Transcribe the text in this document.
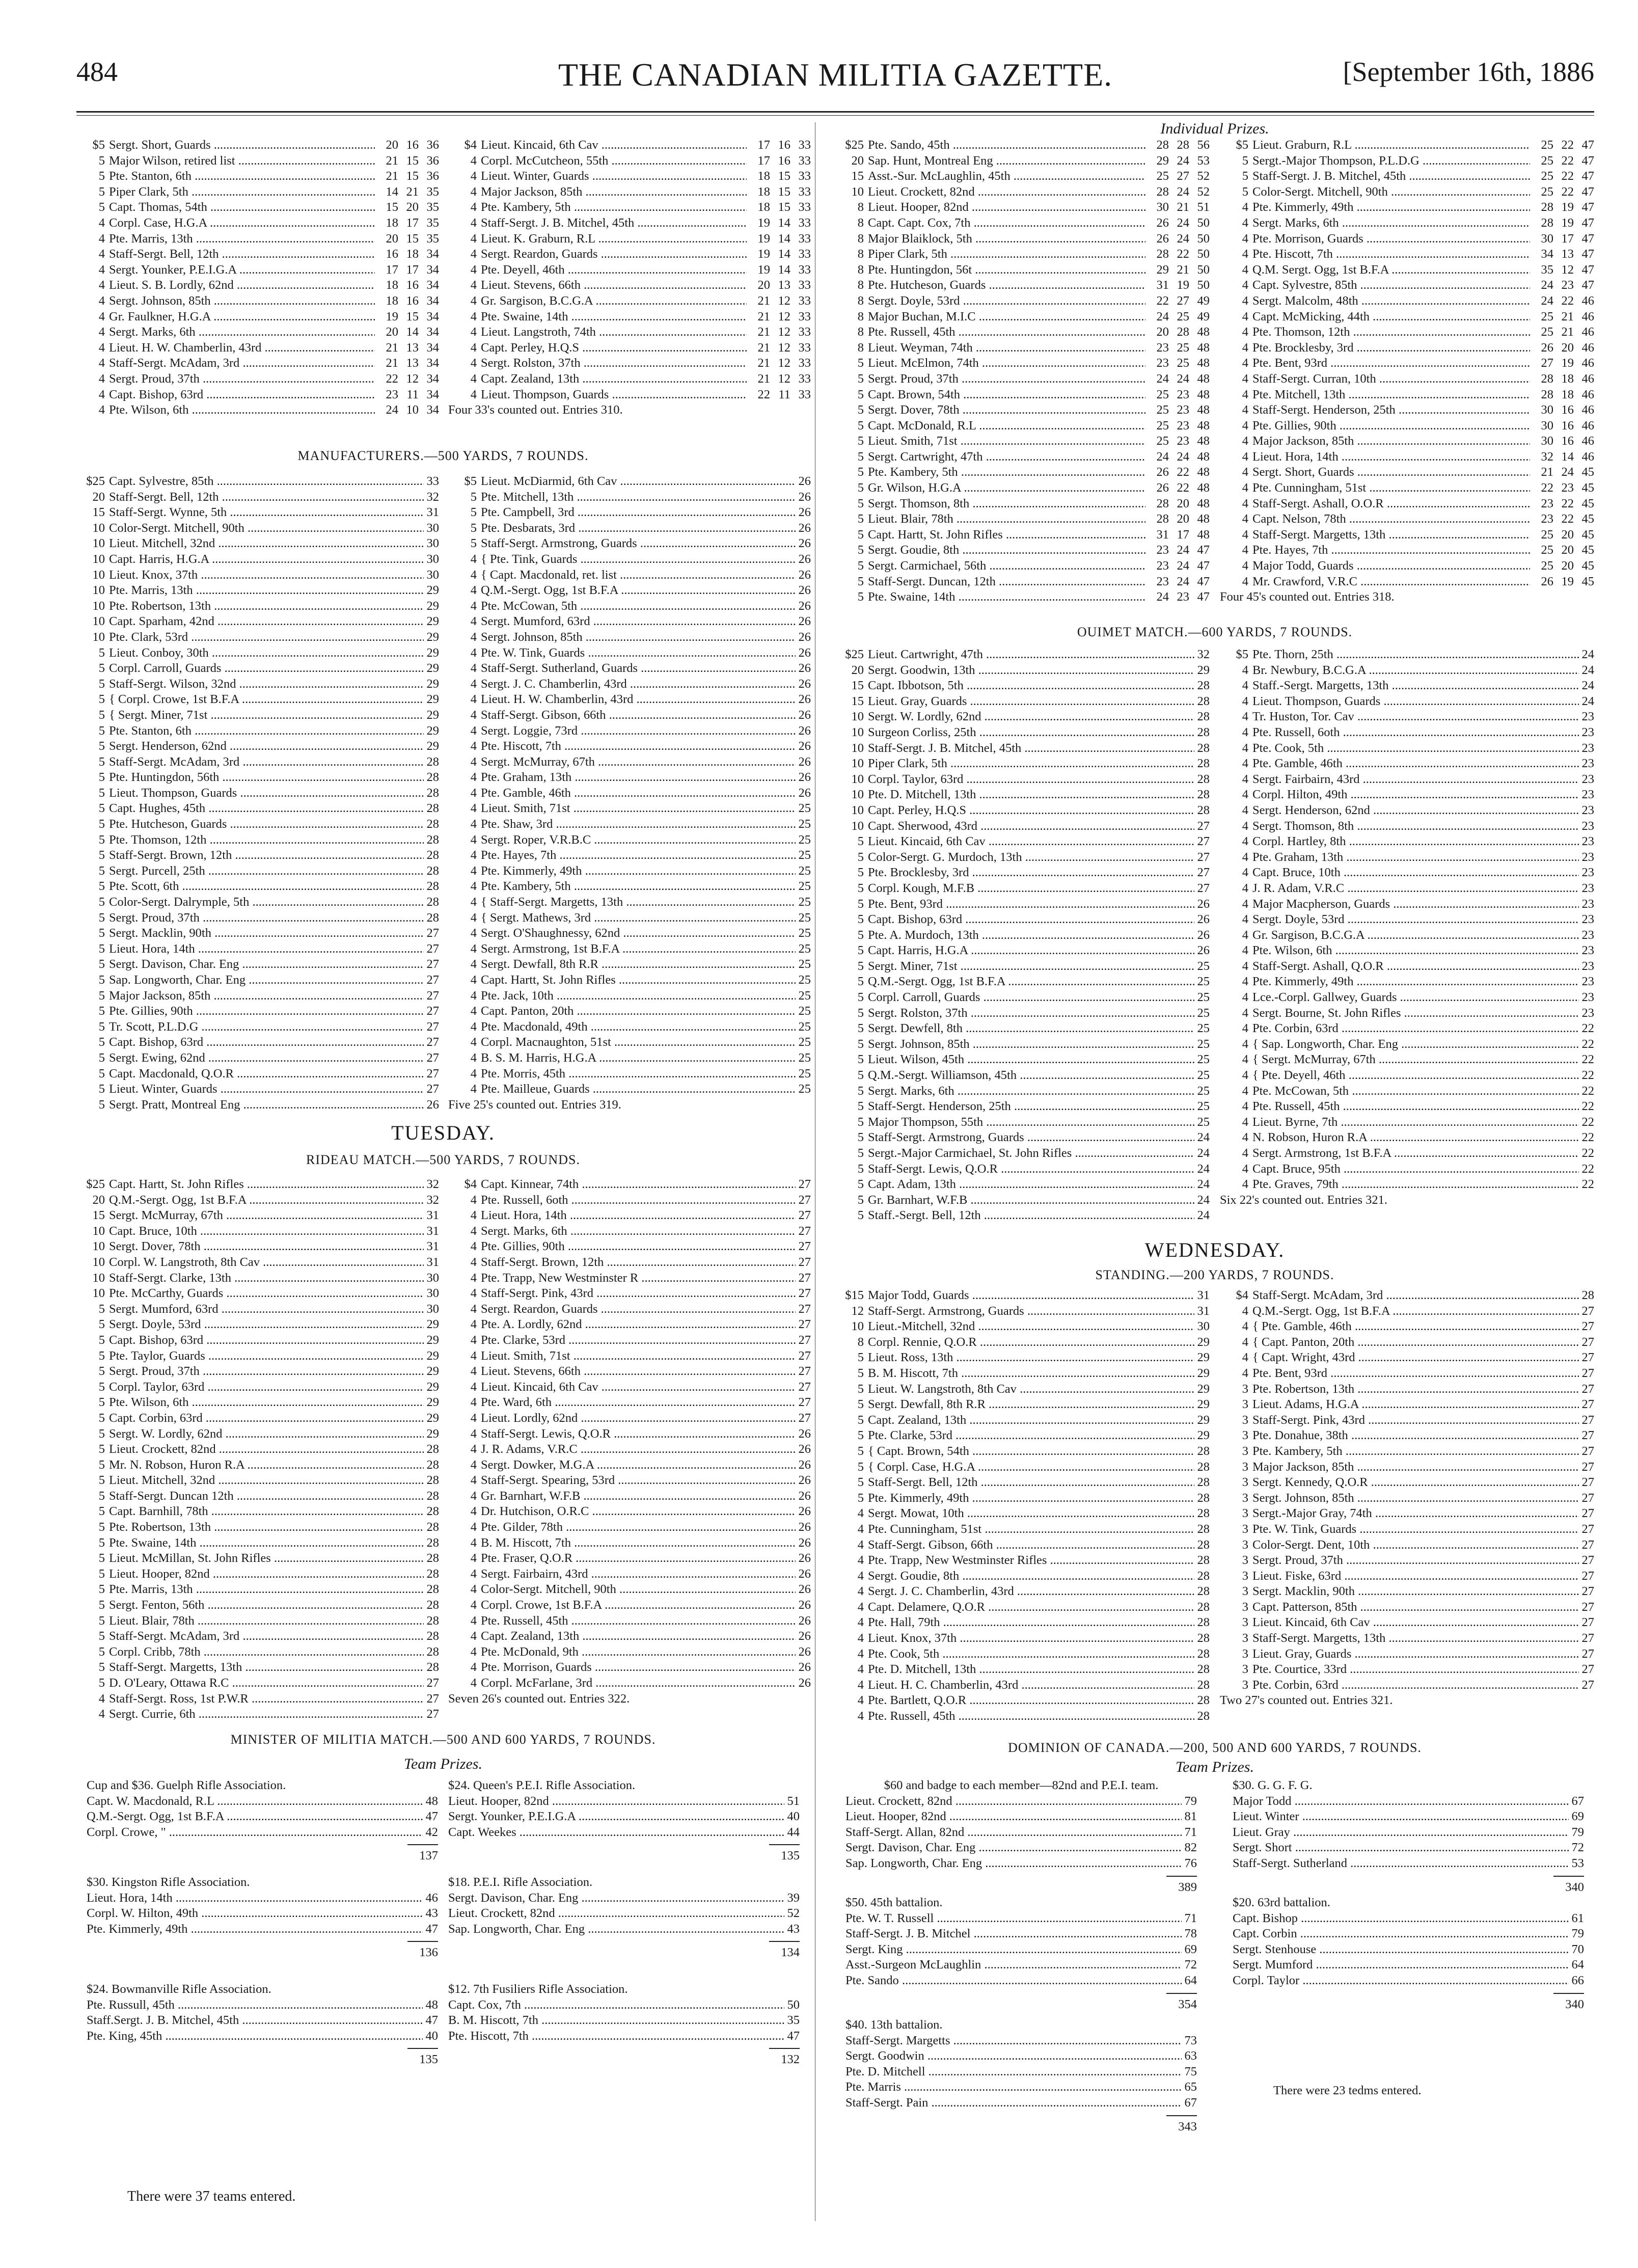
484	THE CANADIAN MILITIA GAZETTE.	[September 16th, 1886
$5 Sergt. Short, Guards .....	20 16 36
5 Major Wilson, retired list .....	21 15 36
5 Pte. Stanton, 6th .....	21 15 36
5 Piper Clark, 5th .....	14 21 35
5 Capt. Thomas, 54th .....	15 20 35
4 Corpl. Case, H.G.A .....	18 17 35
4 Pte. Marris, 13th .....	20 15 35
4 Staff-Sergt. Bell, 12th .....	16 18 34
4 Sergt. Younker, P.E.I.G.A .....	17 17 34
4 Lieut. S. B. Lordly, 62nd .....	18 16 34
4 Sergt. Johnson, 85th .....	18 16 34
4 Gr. Faulkner, H.G.A .....	19 15 34
4 Sergt. Marks, 6th .....	20 14 34
4 Lieut. H. W. Chamberlin, 43rd .....	21 13 34
4 Staff-Sergt. McAdam, 3rd .....	21 13 34
4 Sergt. Proud, 37th .....	22 12 34
4 Capt. Bishop, 63rd .....	23 11 34
4 Pte. Wilson, 6th .....	24 10 34
$4 Lieut. Kincaid, 6th Cav .....	17 16 33
4 Corpl. McCutcheon, 55th .....	17 16 33
4 Lieut. Winter, Guards .....	18 15 33
4 Major Jackson, 85th .....	18 15 33
4 Pte. Kambery, 5th .....	18 15 33
4 Staff-Sergt. J. B. Mitchel, 45th .....	19 14 33
4 Lieut. K. Graburn, R.L .....	19 14 33
4 Sergt. Reardon, Guards .....	19 14 33
4 Pte. Deyell, 46th .....	19 14 33
4 Lieut. Stevens, 66th .....	20 13 33
4 Gr. Sargison, B.C.G.A .....	21 12 33
4 Pte. Swaine, 14th .....	21 12 33
4 Lieut. Langstroth, 74th .....	21 12 33
4 Capt. Perley, H.Q.S .....	21 12 33
4 Sergt. Rolston, 37th .....	21 12 33
4 Capt. Zealand, 13th .....	21 12 33
4 Lieut. Thompson, Guards .....	22 11 33
Four 33's counted out. Entries 310.
MANUFACTURERS.—500 YARDS, 7 ROUNDS.
$25 Capt. Sylvestre, 85th .....	33
20 Staff-Sergt. Bell, 12th .....	32
15 Staff-Sergt. Wynne, 5th .....	31
10 Color-Sergt. Mitchell, 90th .....	30
10 Lieut. Mitchell, 32nd .....	30
10 Capt. Harris, H.G.A .....	30
10 Lieut. Knox, 37th .....	30
10 Pte. Marris, 13th .....	29
10 Pte. Robertson, 13th .....	29
10 Capt. Sparham, 42nd .....	29
10 Pte. Clark, 53rd .....	29
5 Lieut. Conboy, 30th .....	29
5 Corpl. Carroll, Guards .....	29
5 Staff-Sergt. Wilson, 32nd .....	29
5 { Corpl. Crowe, 1st B.F.A .....	29
5 { Sergt. Miner, 71st .....	29
5 Pte. Stanton, 6th .....	29
5 Sergt. Henderson, 62nd .....	29
5 Staff-Sergt. McAdam, 3rd .....	28
5 Pte. Huntingdon, 56th .....	28
5 Lieut. Thompson, Guards .....	28
5 Capt. Hughes, 45th .....	28
5 Pte. Hutcheson, Guards .....	28
5 Pte. Thomson, 12th .....	28
5 Staff-Sergt. Brown, 12th .....	28
5 Sergt. Purcell, 25th .....	28
5 Pte. Scott, 6th .....	28
5 Color-Sergt. Dalrymple, 5th .....	28
5 Sergt. Proud, 37th .....	28
5 Sergt. Macklin, 90th .....	27
5 Lieut. Hora, 14th .....	27
5 Sergt. Davison, Char. Eng .....	27
5 Sap. Longworth, Char. Eng .....	27
5 Major Jackson, 85th .....	27
5 Pte. Gillies, 90th .....	27
5 Tr. Scott, P.L.D.G .....	27
5 Capt. Bishop, 63rd .....	27
5 Sergt. Ewing, 62nd .....	27
5 Capt. Macdonald, Q.O.R .....	27
5 Lieut. Winter, Guards .....	27
5 Sergt. Pratt, Montreal Eng .....	26
$5 Lieut. McDiarmid, 6th Cav .....	26
5 Pte. Mitchell, 13th .....	26
5 Pte. Campbell, 3rd .....	26
5 Pte. Desbarats, 3rd .....	26
5 Staff-Sergt. Armstrong, Guards .....	26
4 { Pte. Tink, Guards .....	26
4 { Capt. Macdonald, ret. list .....	26
4 Q.M.-Sergt. Ogg, 1st B.F.A .....	26
4 Pte. McCowan, 5th .....	26
4 Sergt. Mumford, 63rd .....	26
4 Sergt. Johnson, 85th .....	26
4 Pte. W. Tink, Guards .....	26
4 Staff-Sergt. Sutherland, Guards .....	26
4 Sergt. J. C. Chamberlin, 43rd .....	26
4 Lieut. H. W. Chamberlin, 43rd .....	26
4 Staff-Sergt. Gibson, 66th .....	26
4 Sergt. Loggie, 73rd .....	26
4 Pte. Hiscott, 7th .....	26
4 Sergt. McMurray, 67th .....	26
4 Pte. Graham, 13th .....	26
4 Pte. Gamble, 46th .....	26
4 Lieut. Smith, 71st .....	25
4 Pte. Shaw, 3rd .....	25
4 Sergt. Roper, V.R.B.C .....	25
4 Pte. Hayes, 7th .....	25
4 Pte. Kimmerly, 49th .....	25
4 Pte. Kambery, 5th .....	25
4 { Staff-Sergt. Margetts, 13th .....	25
4 { Sergt. Mathews, 3rd .....	25
4 Sergt. O'Shaughnessy, 62nd .....	25
4 Sergt. Armstrong, 1st B.F.A .....	25
4 Sergt. Dewfall, 8th R.R .....	25
4 Capt. Hartt, St. John Rifles .....	25
4 Pte. Jack, 10th .....	25
4 Capt. Panton, 20th .....	25
4 Pte. Macdonald, 49th .....	25
4 Corpl. Macnaughton, 51st .....	25
4 B. S. M. Harris, H.G.A .....	25
4 Pte. Morris, 45th .....	25
4 Pte. Mailleue, Guards .....	25
Five 25's counted out. Entries 319.
TUESDAY.
RIDEAU MATCH.—500 YARDS, 7 ROUNDS.
$25 Capt. Hartt, St. John Rifles .....	32
20 Q.M.-Sergt. Ogg, 1st B.F.A .....	32
15 Sergt. McMurray, 67th .....	31
10 Capt. Bruce, 10th .....	31
10 Sergt. Dover, 78th .....	31
10 Corpl. W. Langstroth, 8th Cav .....	31
10 Staff-Sergt. Clarke, 13th .....	30
10 Pte. McCarthy, Guards .....	30
5 Sergt. Mumford, 63rd .....	30
5 Sergt. Doyle, 53rd .....	29
5 Capt. Bishop, 63rd .....	29
5 Pte. Taylor, Guards .....	29
5 Sergt. Proud, 37th .....	29
5 Corpl. Taylor, 63rd .....	29
5 Pte. Wilson, 6th .....	29
5 Capt. Corbin, 63rd .....	29
5 Sergt. W. Lordly, 62nd .....	29
5 Lieut. Crockett, 82nd .....	28
5 Mr. N. Robson, Huron R.A .....	28
5 Lieut. Mitchell, 32nd .....	28
5 Staff-Sergt. Duncan 12th .....	28
5 Capt. Barnhill, 78th .....	28
5 Pte. Robertson, 13th .....	28
5 Pte. Swaine, 14th .....	28
5 Lieut. McMillan, St. John Rifles .....	28
5 Lieut. Hooper, 82nd .....	28
5 Pte. Marris, 13th .....	28
5 Sergt. Fenton, 56th .....	28
5 Lieut. Blair, 78th .....	28
5 Staff-Sergt. McAdam, 3rd .....	28
5 Corpl. Cribb, 78th .....	28
5 Staff-Sergt. Margetts, 13th .....	28
5 D. O'Leary, Ottawa R.C .....	27
4 Staff-Sergt. Ross, 1st P.W.R .....	27
4 Sergt. Currie, 6th .....	27
$4 Capt. Kinnear, 74th .....	27
4 Pte. Russell, 6oth .....	27
4 Lieut. Hora, 14th .....	27
4 Sergt. Marks, 6th .....	27
4 Pte. Gillies, 90th .....	27
4 Staff-Sergt. Brown, 12th .....	27
4 Pte. Trapp, New Westminster R .....	27
4 Staff-Sergt. Pink, 43rd .....	27
4 Sergt. Reardon, Guards .....	27
4 Pte. A. Lordly, 62nd .....	27
4 Pte. Clarke, 53rd .....	27
4 Lieut. Smith, 71st .....	27
4 Lieut. Stevens, 66th .....	27
4 Lieut. Kincaid, 6th Cav .....	27
4 Pte. Ward, 6th .....	27
4 Lieut. Lordly, 62nd .....	27
4 Staff-Sergt. Lewis, Q.O.R .....	26
4 J. R. Adams, V.R.C .....	26
4 Sergt. Dowker, M.G.A .....	26
4 Staff-Sergt. Spearing, 53rd .....	26
4 Gr. Barnhart, W.F.B .....	26
4 Dr. Hutchison, O.R.C .....	26
4 Pte. Gilder, 78th .....	26
4 B. M. Hiscott, 7th .....	26
4 Pte. Fraser, Q.O.R .....	26
4 Sergt. Fairbairn, 43rd .....	26
4 Color-Sergt. Mitchell, 90th .....	26
4 Corpl. Crowe, 1st B.F.A .....	26
4 Pte. Russell, 45th .....	26
4 Capt. Zealand, 13th .....	26
4 Pte. McDonald, 9th .....	26
4 Pte. Morrison, Guards .....	26
4 Corpl. McFarlane, 3rd .....	26
Seven 26's counted out. Entries 322.
MINISTER OF MILITIA MATCH.—500 AND 600 YARDS, 7 ROUNDS.
Team Prizes.
Cup and $36. Guelph Rifle Association.
Capt. W. Macdonald, R.L .....	48
Q.M.-Sergt. Ogg, 1st B.F.A .....	47
Corpl. Crowe, " .....	42
137
$24. Queen's P.E.I. Rifle Association.
Lieut. Hooper, 82nd .....	51
Sergt. Younker, P.E.I.G.A .....	40
Capt. Weekes .....	44
135
$30. Kingston Rifle Association.
Lieut. Hora, 14th .....	46
Corpl. W. Hilton, 49th .....	43
Pte. Kimmerly, 49th .....	47
136
$18. P.E.I. Rifle Association.
Sergt. Davison, Char. Eng .....	39
Lieut. Crockett, 82nd .....	52
Sap. Longworth, Char. Eng .....	43
134
$24. Bowmanville Rifle Association.
Pte. Russull, 45th .....	48
Staff.Sergt. J. B. Mitchel, 45th .....	47
Pte. King, 45th .....	40
135
$12. 7th Fusiliers Rifle Association.
Capt. Cox, 7th .....	50
B. M. Hiscott, 7th .....	35
Pte. Hiscott, 7th .....	47
132
There were 37 teams entered.
Individual Prizes.
$25 Pte. Sando, 45th .....	28 28 56
20 Sap. Hunt, Montreal Eng .....	29 24 53
15 Asst.-Sur. McLaughlin, 45th .....	25 27 52
10 Lieut. Crockett, 82nd .....	28 24 52
8 Lieut. Hooper, 82nd .....	30 21 51
8 Capt. Capt. Cox, 7th .....	26 24 50
8 Major Blaiklock, 5th .....	26 24 50
8 Piper Clark, 5th .....	28 22 50
8 Pte. Huntingdon, 56t .....	29 21 50
8 Pte. Hutcheson, Guards .....	31 19 50
8 Sergt. Doyle, 53rd .....	22 27 49
8 Major Buchan, M.I.C .....	24 25 49
8 Pte. Russell, 45th .....	20 28 48
8 Lieut. Weyman, 74th .....	23 25 48
5 Lieut. McElmon, 74th .....	23 25 48
5 Sergt. Proud, 37th .....	24 24 48
5 Capt. Brown, 54th .....	25 23 48
5 Sergt. Dover, 78th .....	25 23 48
5 Capt. McDonald, R.L .....	25 23 48
5 Lieut. Smith, 71st .....	25 23 48
5 Sergt. Cartwright, 47th .....	24 24 48
5 Pte. Kambery, 5th .....	26 22 48
5 Gr. Wilson, H.G.A .....	26 22 48
5 Sergt. Thomson, 8th .....	28 20 48
5 Lieut. Blair, 78th .....	28 20 48
5 Capt. Hartt, St. John Rifles .....	31 17 48
5 Sergt. Goudie, 8th .....	23 24 47
5 Sergt. Carmichael, 56th .....	23 24 47
5 Staff-Sergt. Duncan, 12th .....	23 24 47
5 Pte. Swaine, 14th .....	24 23 47
$5 Lieut. Graburn, R.L .....	25 22 47
5 Sergt.-Major Thompson, P.L.D.G .....	25 22 47
5 Staff-Sergt. J. B. Mitchel, 45th .....	25 22 47
5 Color-Sergt. Mitchell, 90th .....	25 22 47
4 Pte. Kimmerly, 49th .....	28 19 47
4 Sergt. Marks, 6th .....	28 19 47
4 Pte. Morrison, Guards .....	30 17 47
4 Pte. Hiscott, 7th .....	34 13 47
4 Q.M. Sergt. Ogg, 1st B.F.A .....	35 12 47
4 Capt. Sylvestre, 85th .....	24 23 47
4 Sergt. Malcolm, 48th .....	24 22 46
4 Capt. McMicking, 44th .....	25 21 46
4 Pte. Thomson, 12th .....	25 21 46
4 Pte. Brocklesby, 3rd .....	26 20 46
4 Pte. Bent, 93rd .....	27 19 46
4 Staff-Sergt. Curran, 10th .....	28 18 46
4 Pte. Mitchell, 13th .....	28 18 46
4 Staff-Sergt. Henderson, 25th .....	30 16 46
4 Pte. Gillies, 90th .....	30 16 46
4 Major Jackson, 85th .....	30 16 46
4 Lieut. Hora, 14th .....	32 14 46
4 Sergt. Short, Guards .....	21 24 45
4 Pte. Cunningham, 51st .....	22 23 45
4 Staff-Sergt. Ashall, O.O.R .....	23 22 45
4 Capt. Nelson, 78th .....	23 22 45
4 Staff-Sergt. Margetts, 13th .....	25 20 45
4 Pte. Hayes, 7th .....	25 20 45
4 Major Todd, Guards .....	25 20 45
4 Mr. Crawford, V.R.C .....	26 19 45
Four 45's counted out. Entries 318.
OUIMET MATCH.—600 YARDS, 7 ROUNDS.
$25 Lieut. Cartwright, 47th .....	32
20 Sergt. Goodwin, 13th .....	29
15 Capt. Ibbotson, 5th .....	28
15 Lieut. Gray, Guards .....	28
10 Sergt. W. Lordly, 62nd .....	28
10 Surgeon Corliss, 25th .....	28
10 Staff-Sergt. J. B. Mitchel, 45th .....	28
10 Piper Clark, 5th .....	28
10 Corpl. Taylor, 63rd .....	28
10 Pte. D. Mitchell, 13th .....	28
10 Capt. Perley, H.Q.S .....	28
10 Capt. Sherwood, 43rd .....	27
5 Lieut. Kincaid, 6th Cav .....	27
5 Color-Sergt. G. Murdoch, 13th .....	27
5 Pte. Brocklesby, 3rd .....	27
5 Corpl. Kough, M.F.B .....	27
5 Pte. Bent, 93rd .....	26
5 Capt. Bishop, 63rd .....	26
5 Pte. A. Murdoch, 13th .....	26
5 Capt. Harris, H.G.A .....	26
5 Sergt. Miner, 71st .....	25
5 Q.M.-Sergt. Ogg, 1st B.F.A .....	25
5 Corpl. Carroll, Guards .....	25
5 Sergt. Rolston, 37th .....	25
5 Sergt. Dewfell, 8th .....	25
5 Sergt. Johnson, 85th .....	25
5 Lieut. Wilson, 45th .....	25
5 Q.M.-Sergt. Williamson, 45th .....	25
5 Sergt. Marks, 6th .....	25
5 Staff-Sergt. Henderson, 25th .....	25
5 Major Thompson, 55th .....	25
5 Staff-Sergt. Armstrong, Guards .....	24
5 Sergt.-Major Carmichael, St. John Rifles .....	24
5 Staff-Sergt. Lewis, Q.O.R .....	24
5 Capt. Adam, 13th .....	24
5 Gr. Barnhart, W.F.B .....	24
5 Staff.-Sergt. Bell, 12th .....	24
$5 Pte. Thorn, 25th .....	24
4 Br. Newbury, B.C.G.A .....	24
4 Staff.-Sergt. Margetts, 13th .....	24
4 Lieut. Thompson, Guards .....	24
4 Tr. Huston, Tor. Cav .....	23
4 Pte. Russell, 6oth .....	23
4 Pte. Cook, 5th .....	23
4 Pte. Gamble, 46th .....	23
4 Sergt. Fairbairn, 43rd .....	23
4 Corpl. Hilton, 49th .....	23
4 Sergt. Henderson, 62nd .....	23
4 Sergt. Thomson, 8th .....	23
4 Corpl. Hartley, 8th .....	23
4 Pte. Graham, 13th .....	23
4 Capt. Bruce, 10th .....	23
4 J. R. Adam, V.R.C .....	23
4 Major Macpherson, Guards .....	23
4 Sergt. Doyle, 53rd .....	23
4 Gr. Sargison, B.C.G.A .....	23
4 Pte. Wilson, 6th .....	23
4 Staff-Sergt. Ashall, Q.O.R .....	23
4 Pte. Kimmerly, 49th .....	23
4 Lce.-Corpl. Gallwey, Guards .....	23
4 Sergt. Bourne, St. John Rifles .....	23
4 Pte. Corbin, 63rd .....	22
4 { Sap. Longworth, Char. Eng .....	22
4 { Sergt. McMurray, 67th .....	22
4 { Pte. Deyell, 46th .....	22
4 Pte. McCowan, 5th .....	22
4 Pte. Russell, 45th .....	22
4 Lieut. Byrne, 7th .....	22
4 N. Robson, Huron R.A .....	22
4 Sergt. Armstrong, 1st B.F.A .....	22
4 Capt. Bruce, 95th .....	22
4 Pte. Graves, 79th .....	22
Six 22's counted out. Entries 321.
WEDNESDAY.
STANDING.—200 YARDS, 7 ROUNDS.
$15 Major Todd, Guards .....	31
12 Staff-Sergt. Armstrong, Guards .....	31
10 Lieut.-Mitchell, 32nd .....	30
8 Corpl. Rennie, Q.O.R .....	29
5 Lieut. Ross, 13th .....	29
5 B. M. Hiscott, 7th .....	29
5 Lieut. W. Langstroth, 8th Cav .....	29
5 Sergt. Dewfall, 8th R.R .....	29
5 Capt. Zealand, 13th .....	29
5 Pte. Clarke, 53rd .....	29
5 { Capt. Brown, 54th .....	28
5 { Corpl. Case, H.G.A .....	28
5 Staff-Sergt. Bell, 12th .....	28
5 Pte. Kimmerly, 49th .....	28
4 Sergt. Mowat, 10th .....	28
4 Pte. Cunningham, 51st .....	28
4 Staff-Sergt. Gibson, 66th .....	28
4 Pte. Trapp, New Westminster Rifles .....	28
4 Sergt. Goudie, 8th .....	28
4 Sergt. J. C. Chamberlin, 43rd .....	28
4 Capt. Delamere, Q.O.R .....	28
4 Pte. Hall, 79th .....	28
4 Lieut. Knox, 37th .....	28
4 Pte. Cook, 5th .....	28
4 Pte. D. Mitchell, 13th .....	28
4 Lieut. H. C. Chamberlin, 43rd .....	28
4 Pte. Bartlett, Q.O.R .....	28
4 Pte. Russell, 45th .....	28
$4 Staff-Sergt. McAdam, 3rd .....	28
4 Q.M.-Sergt. Ogg, 1st B.F.A .....	27
4 { Pte. Gamble, 46th .....	27
4 { Capt. Panton, 20th .....	27
4 { Capt. Wright, 43rd .....	27
4 Pte. Bent, 93rd .....	27
3 Pte. Robertson, 13th .....	27
3 Lieut. Adams, H.G.A .....	27
3 Staff-Sergt. Pink, 43rd .....	27
3 Pte. Donahue, 38th .....	27
3 Pte. Kambery, 5th .....	27
3 Major Jackson, 85th .....	27
3 Sergt. Kennedy, Q.O.R .....	27
3 Sergt. Johnson, 85th .....	27
3 Sergt.-Major Gray, 74th .....	27
3 Pte. W. Tink, Guards .....	27
3 Color-Sergt. Dent, 10th .....	27
3 Sergt. Proud, 37th .....	27
3 Lieut. Fiske, 63rd .....	27
3 Sergt. Macklin, 90th .....	27
3 Capt. Patterson, 85th .....	27
3 Lieut. Kincaid, 6th Cav .....	27
3 Staff-Sergt. Margetts, 13th .....	27
3 Lieut. Gray, Guards .....	27
3 Pte. Courtice, 33rd .....	27
3 Pte. Corbin, 63rd .....	27
Two 27's counted out. Entries 321.
DOMINION OF CANADA.—200, 500 AND 600 YARDS, 7 ROUNDS.
Team Prizes.
$60 and badge to each member—82nd and P.E.I. team.
Lieut. Crockett, 82nd .....	79
Lieut. Hooper, 82nd .....	81
Staff-Sergt. Allan, 82nd .....	71
Sergt. Davison, Char. Eng .....	82
Sap. Longworth, Char. Eng .....	76
389
$50. 45th battalion.
Pte. W. T. Russell .....	71
Staff-Sergt. J. B. Mitchel .....	78
Sergt. King .....	69
Asst.-Surgeon McLaughlin .....	72
Pte. Sando .....	64
354
$40. 13th battalion.
Staff-Sergt. Margetts .....	73
Sergt. Goodwin .....	63
Pte. D. Mitchell .....	75
Pte. Marris .....	65
Staff-Sergt. Pain .....	67
343
$30. G. G. F. G.
Major Todd .....	67
Lieut. Winter .....	69
Lieut. Gray .....	79
Sergt. Short .....	72
Staff-Sergt. Sutherland .....	53
340
$20. 63rd battalion.
Capt. Bishop .....	61
Capt. Corbin .....	79
Sergt. Stenhouse .....	70
Sergt. Mumford .....	64
Corpl. Taylor .....	66
340
There were 23 tedms entered.
